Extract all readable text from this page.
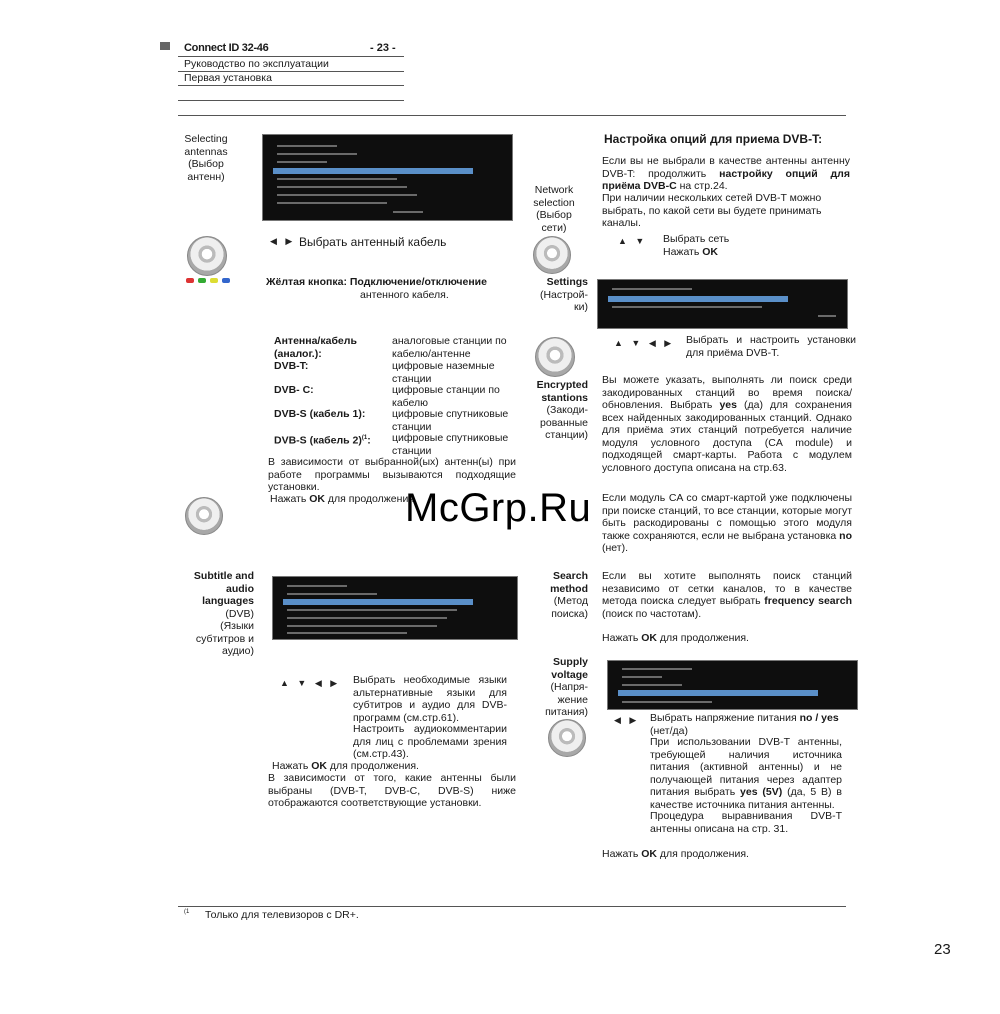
Connect ID 32-46	- 23 -
Руководство по эксплуатации
Первая установка
Selecting
antennas
(Выбор
антенн)
◀ ▶ Выбрать антенный кабель
Жёлтая кнопка: Подключение/отключение
антенного кабеля.
Антенна/кабель (аналог.):
аналоговые станции по кабелю/антенне
DVB-T:	цифровые наземные станции
DVB- C:	цифровые станции по кабелю
DVB-S (кабель 1):	цифровые спутниковые станции
DVB-S (кабель 2)$^{(1}$: цифровые спутниковые станции
В зависимости от выбранной(ых) антенн(ы) при работе программы вызываются подходящие установки.
Нажать OK для продолжения.
Subtitle and
audio
languages
(DVB)
(Языки
субтитров и
аудио)
▲ ▼ ◀ ▶ Выбрать необходимые языки альтернативные языки для субтитров и аудио для DVB-программ (см.стр.61).
Настроить аудиокомментарии для лиц с проблемами зрения (см.стр.43).
Нажать OK для продолжения.
В зависимости от того, какие антенны были выбраны (DVB-T, DVB-C, DVB-S) ниже отображаются соответствующие установки.
Настройка опций для приема DVB-T:
Если вы не выбрали в качестве антенны антенну DVB-T: продолжить настройку опций для приёма DVB-C на стр.24.
При наличии нескольких сетей DVB-T можно выбрать, по какой сети вы будете принимать каналы.
Network
selection
(Выбор
сети)
▲ ▼ Выбрать сеть
Нажать OK
Settings
(Настрой-
ки)
▲ ▼ ◀ ▶ Выбрать и настроить установки для приёма DVB-T.
Encrypted
stantions
(Закоди-
рованные
станции)
Вы можете указать, выполнять ли поиск среди закодированных станций во время поиска/обновления. Выбрать yes (да) для сохранения всех найденных закодированных станций. Однако для приёма этих станций потребуется наличие модуля условного доступа (CA module) и подходящей смарт-карты. Работа с модулем условного доступа описана на стр.63.
Если модуль CA со смарт-картой уже подключены при поиске станций, то все станции, которые могут быть раскодированы с помощью этого модуля также сохраняются, если не выбрана установка no (нет).
Search
method
(Метод
поиска)
Если вы хотите выполнять поиск станций независимо от сетки каналов, то в качестве метода поиска следует выбрать frequency search (поиск по частотам).
Нажать OK для продолжения.
Supply
voltage
(Напря-
жение
питания)
◀ ▶ Выбрать напряжение питания no / yes (нет/да)
При использовании DVB-T антенны, требующей наличия источника питания (активной антенны) и не получающей питания через адаптер питания выбрать yes (5V) (да, 5 В) в качестве источника питания антенны.
Процедура выравнивания DVB-T антенны описана на стр. 31.
Нажать OK для продолжения.
(1 Только для телевизоров с DR+.
23
McGrp.Ru
